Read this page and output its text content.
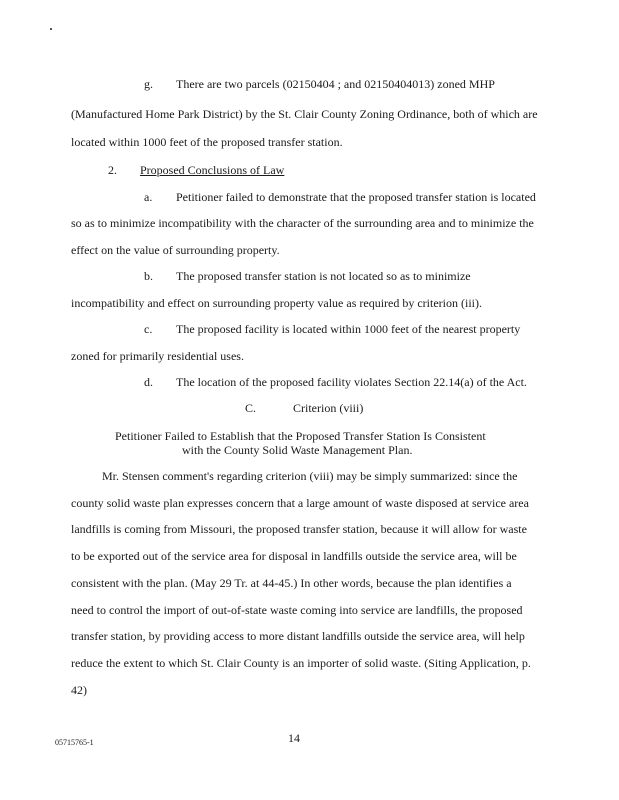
g. There are two parcels (02150404 ; and 02150404013) zoned MHP
(Manufactured Home Park District) by the St. Clair County Zoning Ordinance, both of which are
located within 1000 feet of the proposed transfer station.
2. Proposed Conclusions of Law
a. Petitioner failed to demonstrate that the proposed transfer station is located
so as to minimize incompatibility with the character of the surrounding area and to minimize the
effect on the value of surrounding property.
b. The proposed transfer station is not located so as to minimize
incompatibility and effect on surrounding property value as required by criterion (iii).
c. The proposed facility is located within 1000 feet of the nearest property
zoned for primarily residential uses.
d. The location of the proposed facility violates Section 22.14(a) of the Act.
C.	Criterion (viii)
Petitioner Failed to Establish that the Proposed Transfer Station Is Consistent
with the County Solid Waste Management Plan.
Mr. Stensen comment's regarding criterion (viii) may be simply summarized: since the
county solid waste plan expresses concern that a large amount of waste disposed at service area
landfills is coming from Missouri, the proposed transfer station, because it will allow for waste
to be exported out of the service area for disposal in landfills outside the service area, will be
consistent with the plan. (May 29 Tr. at 44-45.) In other words, because the plan identifies a
need to control the import of out-of-state waste coming into service are landfills, the proposed
transfer station, by providing access to more distant landfills outside the service area, will help
reduce the extent to which St. Clair County is an importer of solid waste. (Siting Application, p.
42)
05715765-1	14
